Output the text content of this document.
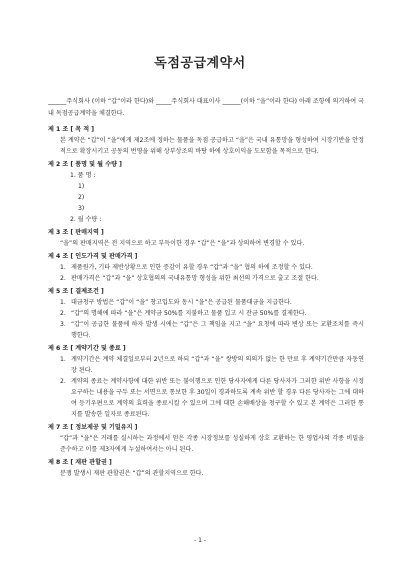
독점공급계약서
______주식회사 (이하 “갑”이라 한다)와 _____주식회사 대표이사 ______(이하 “을”이라 한다) 아래 조항에 의거하여 국내 독점공급계약을 체결한다.
제 1 조 [ 목 적 ]
본 계약은 “갑”이 “을”에게 제2조에 정하는 물품을 독점 공급하고 “을”은 국내 유통망을 형성하여 시장기반을 안정적으로 확장시키고 공동의 번영을 위해 상부상조의 바탕 하에 상호이익을 도모함을 목적으로 한다.
제 2 조 [ 품명 및 월 수량 ]
1. 품 명 :
1)
2)
3)
2. 월 수량 :
제 3 조 [ 판매지역 ]
“을”의 판매지역은 전 지역으로 하고 부득이한 경우 “갑”은 “을”과 상의하여 변경할 수 있다.
제 4 조 [ 인도가격 및 판매가격 ]
1. 제품원가, 기타 제반상황으로 인한 증감이 유할 경우 “갑”과 “을” 협의 하에 조정할 수 있다.
2. 판매가격은 “갑”과 “을” 상호협의의 국내유통망 형성을 위한 최선의 가격으로 출고 조절 한다.
제 5 조 [ 결제조건 ]
1. 대금청구 방법은 “갑”이 “을” 창고입도와 동시 “을”은 공급된 물품대금을 지급한다.
2. “갑”의 명해에 따라 “을”은 계약금 50%를 지불하고 물품 입고 시 잔금 50%를 결제한다.
3. “갑”이 공급한 물품에 하자 발생 시에는 “갑”은 그 책임을 지고 “을” 요청에 따라 변상 또는 교환조치를 즉시 행한다.
제 6 조 [ 계약기간 및 종료 ]
1. 계약기간은 계약 체결일로부터 2년으로 하되 “갑”과 “을” 쌍방의 의의가 없는 한 만료 후 계약기간만큼 자동연장 된다.
2. 계약의 종료는 계약사항에 대한 위반 또는 불이행으로 인한 당사자에게 다른 당사자가 그러한 위반 사항을 시정 요구하는 내용을 구두 또는 서면으로 통보한 후 30일이 경과하도록 계속 위반 할 경우 다른 당사자는 그에 대하여 등기우편으로 계약의 효력을 종료시킬 수 있으며 그에 대한 손해배상을 청구할 수 있고 본 계약은 그러한 통지를 발송한 일자로 종료된다.
제 7 조 [ 정보제공 및 기밀유지 ]
“갑”과 “을”은 거래를 실시하는 과정에서 얻은 각종 시장정보를 성실하게 상호 교환하는 한 영업사의 각종 비밀을 준수하고 이를 제3자에게 누설하여서는 아니 된다.
제 8 조 [ 재판 관할권 ]
분쟁 발생시 재판 관할권은 “갑”의 관할지역으로 한다.
- 1 -
